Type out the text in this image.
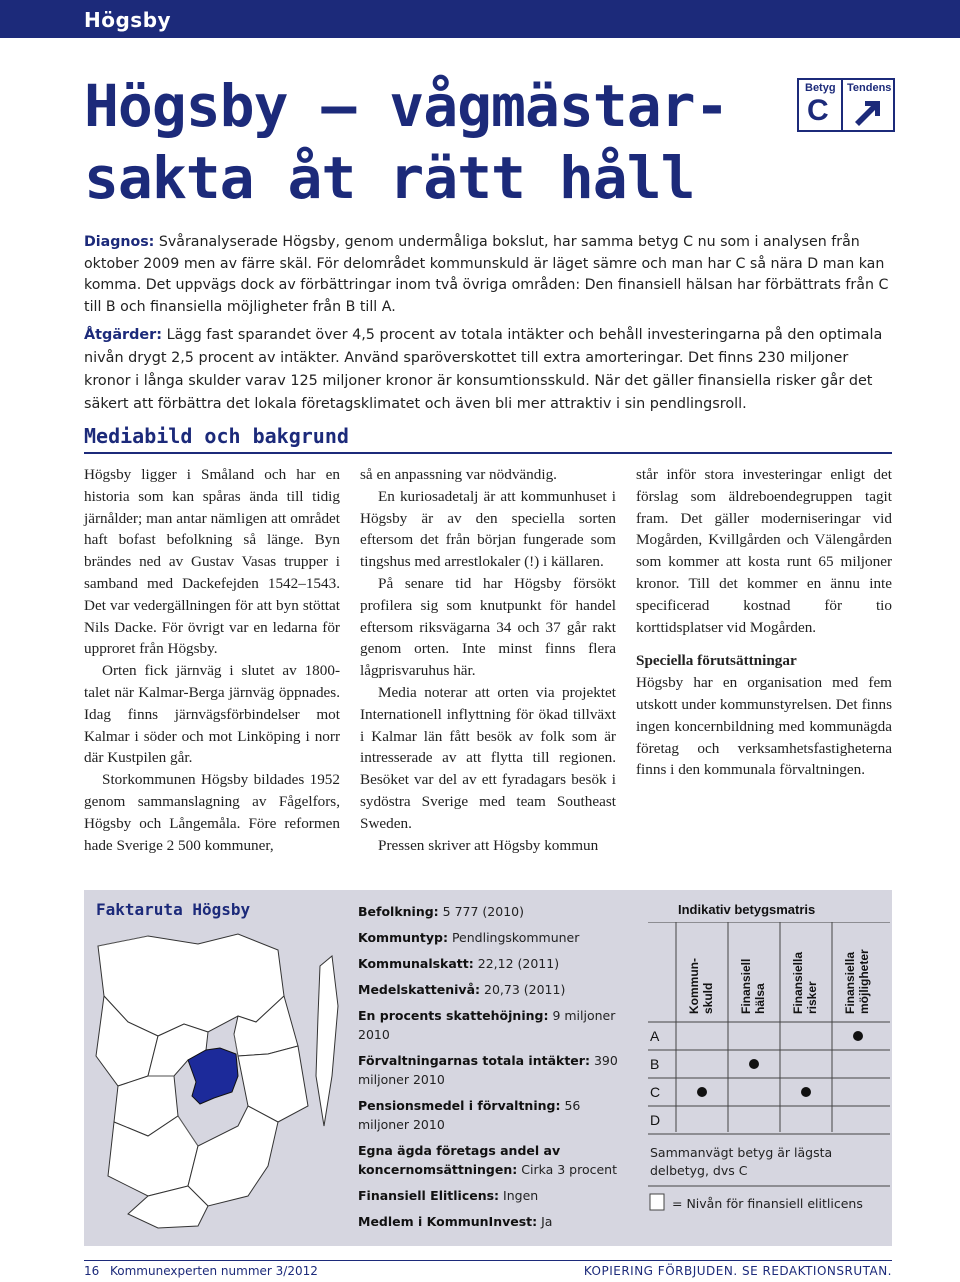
Högsby
Högsby – vågmästar-
sakta åt rätt håll
Betyg
C
Tendens

Diagnos: Svåranalyserade Högsby, genom undermåliga bokslut, har samma betyg C nu som i analysen från oktober 2009 men av färre skäl. För delområdet kommunskuld är läget sämre och man har C så nära D man kan komma. Det uppvägs dock av förbättringar inom två övriga områden: Den finansiell hälsan har förbättrats från C till B och finansiella möjligheter från B till A.

Åtgärder: Lägg fast sparandet över 4,5 procent av totala intäkter och behåll investeringarna på den optimala nivån drygt 2,5 procent av intäkter. Använd sparöverskottet till extra amorteringar. Det finns 230 miljoner kronor i långa skulder varav 125 miljoner kronor är konsumtionsskuld. När det gäller finansiella risker går det säkert att förbättra det lokala företagsklimatet och även bli mer attraktiv i sin pendlingsroll.

Mediabild och bakgrund

Högsby ligger i Småland och har en historia som kan spåras ända till tidig järnålder; man antar nämligen att området haft bofast befolkning så länge. Byn brändes ned av Gustav Vasas trupper i samband med Dackefejden 1542–1543. Det var vedergällningen för att byn stöttat Nils Dacke. För övrigt var en ledarna för upproret från Högsby.

Orten fick järnväg i slutet av 1800-talet när Kalmar-Berga järnväg öppnades. Idag finns järnvägsförbindelser mot Kalmar i söder och mot Linköping i norr där Kustpilen går.

Storkommunen Högsby bildades 1952 genom sammanslagning av Fågelfors, Högsby och Långemåla. Före reformen hade Sverige 2 500 kommuner,

så en anpassning var nödvändig.

En kuriosadetalj är att kommunhuset i Högsby är av den speciella sorten eftersom det från början fungerade som tingshus med arrestlokaler (!) i källaren.

På senare tid har Högsby försökt profilera sig som knutpunkt för handel eftersom riksvägarna 34 och 37 går rakt genom orten. Inte minst finns flera lågprisvaruhus här.

Media noterar att orten via projektet Internationell inflyttning för ökad tillväxt i Kalmar län fått besök av folk som är intresserade av att flytta till regionen. Besöket var del av ett fyradagars besök i sydöstra Sverige med team Southeast Sweden.

Pressen skriver att Högsby kommun

står inför stora investeringar enligt det förslag som äldreboendegruppen tagit fram. Det gäller moderniseringar vid Mogården, Kvillgården och Välengården som kommer att kosta runt 65 miljoner kronor. Till det kommer en ännu inte specificerad kostnad för tio korttidsplatser vid Mogården.

Speciella förutsättningar

Högsby har en organisation med fem utskott under kommunstyrelsen. Det finns ingen koncernbildning med kommunägda företag och verksamhetsfastigheterna finns i den kommunala förvaltningen.

Faktaruta Högsby	Befolkning: 5 777 (2010)

Kommuntyp: Pendlingskommuner

Kommunalskatt: 22,12 (2011)

Medelskattenivå: 20,73 (2011)

En procents skattehöjning: 9 miljoner 2010

Förvaltningarnas totala intäkter: 390 miljoner 2010

Pensionsmedel i förvaltning: 56 miljoner 2010

Egna ägda företags andel av koncernomsättningen: Cirka 3 procent

Finansiell Elitlicens: Ingen

Medlem i KommunInvest: Ja

Indikativ betygsmatris
Kommun-skuld Finansiellhälsa Finansiellarisker Finansiellamöjligheter
A
B
C
D
Sammanvägt betyg är lägsta delbetyg, dvs C
= Nivån för finansiell elitlicens
16 Kommunexperten nummer 3/2012	KOPIERING FÖRBJUDEN. SE REDAKTIONSRUTAN.
